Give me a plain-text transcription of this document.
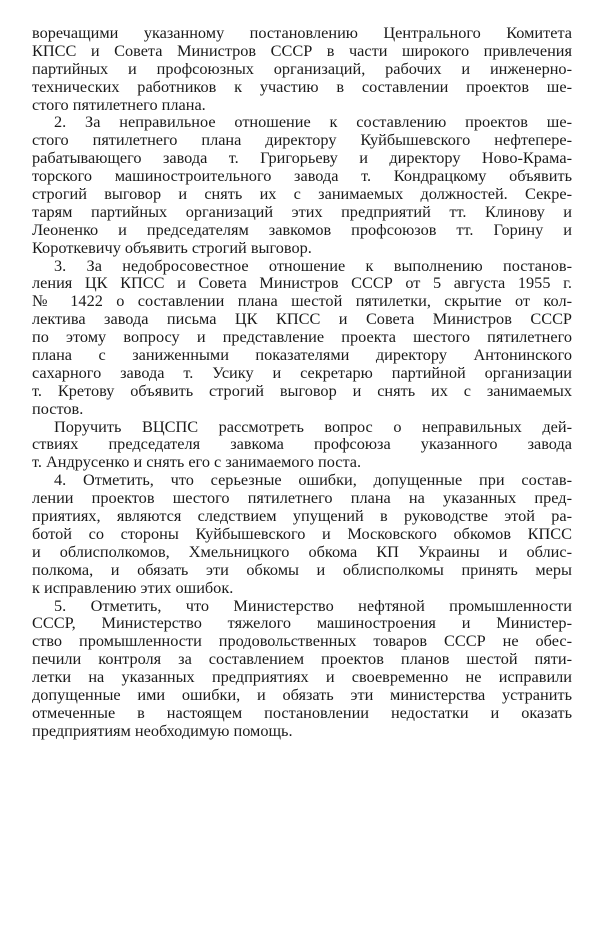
воречащими указанному постановлению Центрального Комитета
КПСС и Совета Министров СССР в части широкого привлечения
партийных и профсоюзных организаций, рабочих и инженерно-
технических работников к участию в составлении проектов ше-
стого пятилетнего плана.
2. За неправильное отношение к составлению проектов ше-
стого пятилетнего плана директору Куйбышевского нефтепере-
рабатывающего завода т. Григорьеву и директору Ново-Крама-
торского машиностроительного завода т. Кондрацкому объявить
строгий выговор и снять их с занимаемых должностей. Секре-
тарям партийных организаций этих предприятий тт. Клинову и
Леоненко и председателям завкомов профсоюзов тт. Горину и
Короткевичу объявить строгий выговор.
3. За недобросовестное отношение к выполнению постанов-
ления ЦК КПСС и Совета Министров СССР от 5 августа 1955 г.
№ 1422 о составлении плана шестой пятилетки, скрытие от кол-
лектива завода письма ЦК КПСС и Совета Министров СССР
по этому вопросу и представление проекта шестого пятилетнего
плана с заниженными показателями директору Антонинского
сахарного завода т. Усику и секретарю партийной организации
т. Кретову объявить строгий выговор и снять их с занимаемых
постов.
Поручить ВЦСПС рассмотреть вопрос о неправильных дей-
ствиях председателя завкома профсоюза указанного завода
т. Андрусенко и снять его с занимаемого поста.
4. Отметить, что серьезные ошибки, допущенные при состав-
лении проектов шестого пятилетнего плана на указанных пред-
приятиях, являются следствием упущений в руководстве этой ра-
ботой со стороны Куйбышевского и Московского обкомов КПСС
и облисполкомов, Хмельницкого обкома КП Украины и облис-
полкома, и обязать эти обкомы и облисполкомы принять меры
к исправлению этих ошибок.
5. Отметить, что Министерство нефтяной промышленности
СССР, Министерство тяжелого машиностроения и Министер-
ство промышленности продовольственных товаров СССР не обес-
печили контроля за составлением проектов планов шестой пяти-
летки на указанных предприятиях и своевременно не исправили
допущенные ими ошибки, и обязать эти министерства устранить
отмеченные в настоящем постановлении недостатки и оказать
предприятиям необходимую помощь.
